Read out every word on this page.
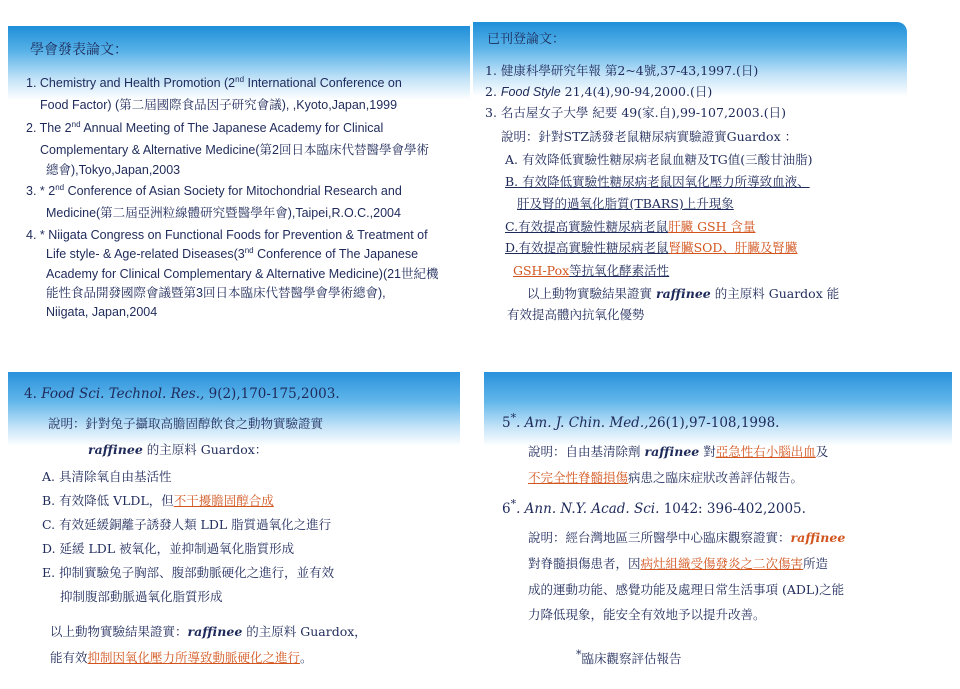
學會發表論文：
1. Chemistry and Health Promotion (2nd International Conference on
Food Factor) (第二屆國際食品因子研究會議), ,Kyoto,Japan,1999
2. The 2nd Annual Meeting of The Japanese Academy for Clinical
Complementary & Alternative Medicine(第2回日本臨床代替醫學會學術
總會),Tokyo,Japan,2003
3. * 2nd Conference of Asian Society for Mitochondrial Research and
Medicine(第二屆亞洲粒線體研究暨醫學年會),Taipei,R.O.C.,2004
4. * Niigata Congress on Functional Foods for Prevention & Treatment of
Life style- & Age-related Diseases(3nd Conference of The Japanese
Academy for Clinical Complementary & Alternative Medicine)(21世紀機
能性食品開發國際會議暨第3回日本臨床代替醫學會學術總會),
Niigata, Japan,2004
已刊登論文：
1. 健康科學研究年報 第2~4號,37-43,1997.(日)
2. Food Style 21,4(4),90-94,2000.(日)
3. 名古屋女子大學 紀要 49(家.自),99-107,2003.(日)
說明：針對STZ誘發老鼠糖尿病實驗證實Guardox ：
A. 有效降低實驗性糖尿病老鼠血糖及TG值(三酸甘油脂)
B. 有效降低實驗性糖尿病老鼠因氧化壓力所導致血液、
肝及腎的過氧化脂質(TBARS)上升現象
C.有效提高實驗性糖尿病老鼠肝臟 GSH 含量
D.有效提高實驗性糖尿病老鼠腎臟SOD、肝臟及腎臟
GSH-Pox等抗氧化酵素活性
以上動物實驗結果證實 raffinee 的主原料 Guardox 能
有效提高體內抗氧化優勢
4. Food Sci. Technol. Res., 9(2),170-175,2003.
說明：針對兔子攝取高膽固醇飲食之動物實驗證實
raffinee 的主原料 Guardox：
A. 具清除氧自由基活性
B. 有效降低 VLDL，但不干擾膽固醇合成
C. 有效延緩銅離子誘發人類 LDL 脂質過氧化之進行
D. 延緩 LDL 被氧化，並抑制過氧化脂質形成
E. 抑制實驗兔子胸部、腹部動脈硬化之進行，並有效
抑制腹部動脈過氧化脂質形成
以上動物實驗結果證實：raffinee 的主原料 Guardox，
能有效抑制因氧化壓力所導致動脈硬化之進行。
5*. Am. J. Chin. Med.,26(1),97-108,1998.
說明：自由基清除劑 raffinee 對亞急性右小腦出血及
不完全性脊髓損傷病患之臨床症狀改善評估報告。
6*. Ann. N.Y. Acad. Sci. 1042: 396-402,2005.
說明：經台灣地區三所醫學中心臨床觀察證實：raffinee
對脊髓損傷患者，因病灶組織受傷發炎之二次傷害所造
成的運動功能、感覺功能及處理日常生活事項 (ADL)之能
力降低現象，能安全有效地予以提升改善。
*臨床觀察評估報告
